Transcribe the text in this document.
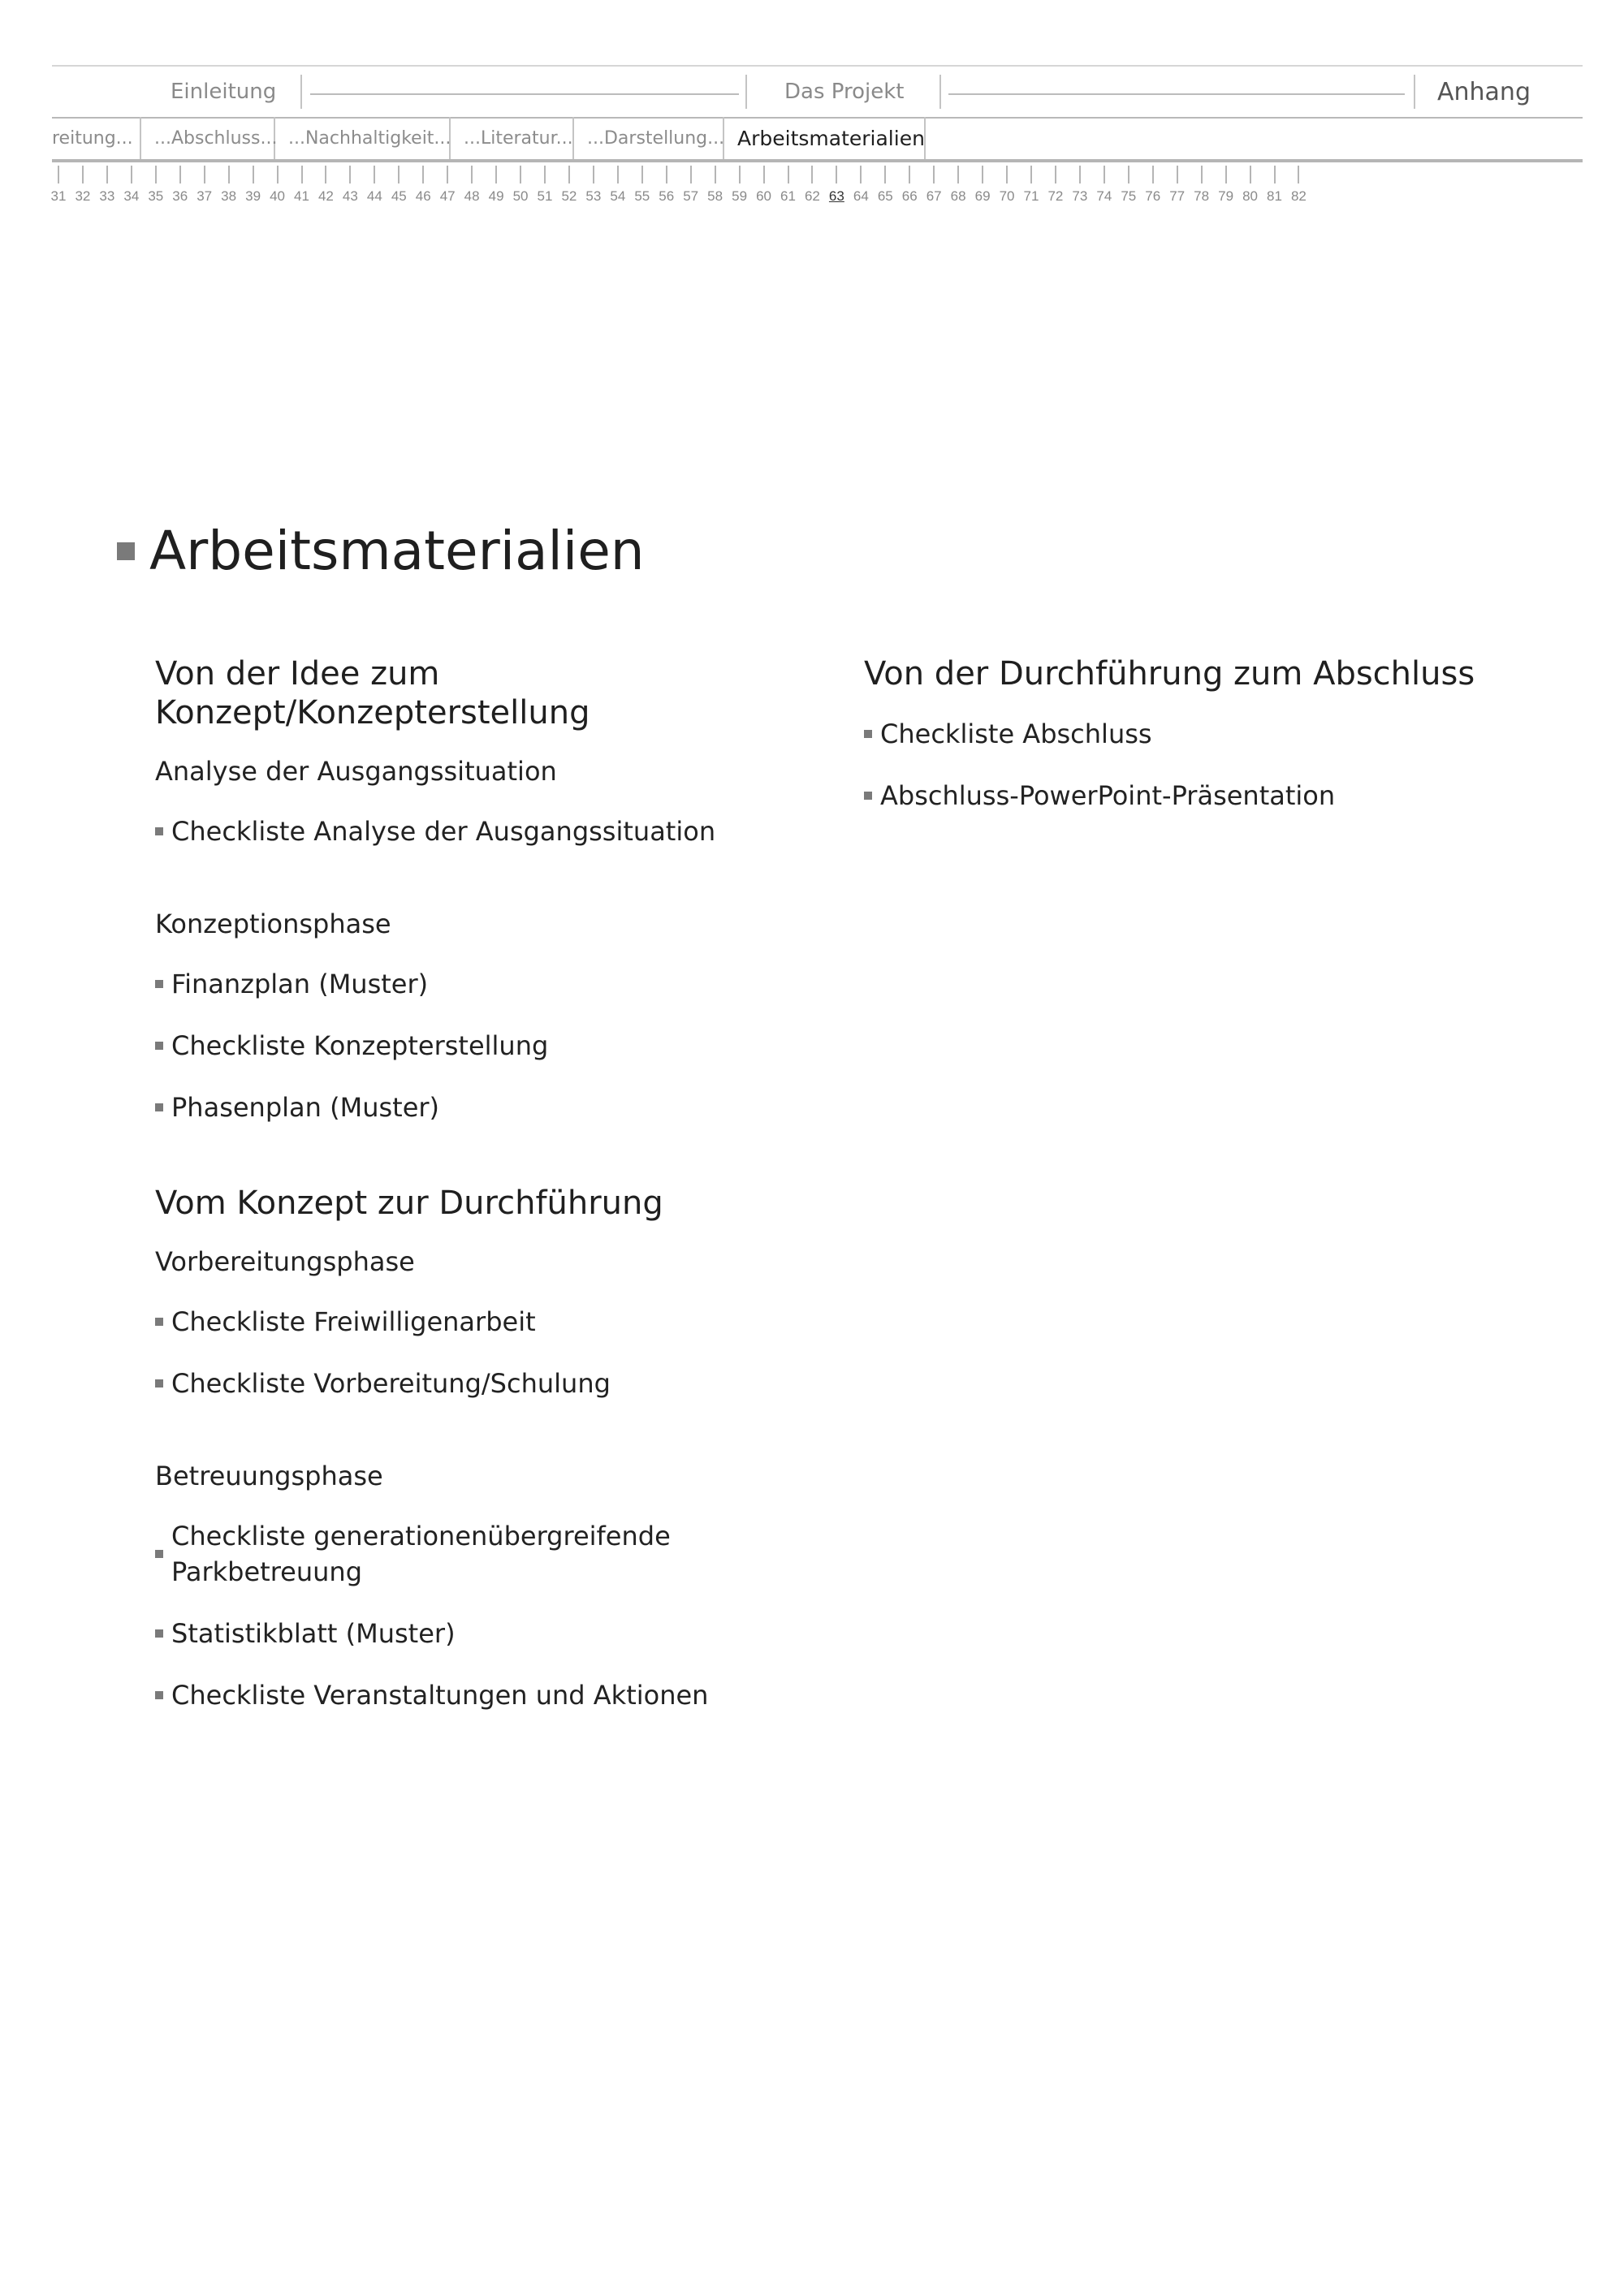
Einleitung	Das Projekt	Anhang
reitung...	...Abschluss... ...Nachhaltigkeit... ...Literatur... ...Darstellung... Arbeitsmaterialien
31 32 33 34 35 36 37 38 39 40 41 42 43 44 45 46 47 48 49 50 51 52 53 54 55 56 57 58 59 60 61 62 63 64 65 66 67 68 69 70 71 72 73 74 75 76 77 78 79 80 81 82
Arbeitsmaterialien
Von der Idee zum
Konzept/Konzepterstellung
Analyse der Ausgangssituation
Checkliste Analyse der Ausgangssituation
Konzeptionsphase
Finanzplan (Muster)
Checkliste Konzepterstellung
Phasenplan (Muster)
Vom Konzept zur Durchführung
Vorbereitungsphase
Checkliste Freiwilligenarbeit
Checkliste Vorbereitung/Schulung
Betreuungsphase
Checkliste generationenübergreifende Parkbetreuung
Statistikblatt (Muster)
Checkliste Veranstaltungen und Aktionen
Von der Durchführung zum Abschluss
Checkliste Abschluss
Abschluss-PowerPoint-Präsentation
